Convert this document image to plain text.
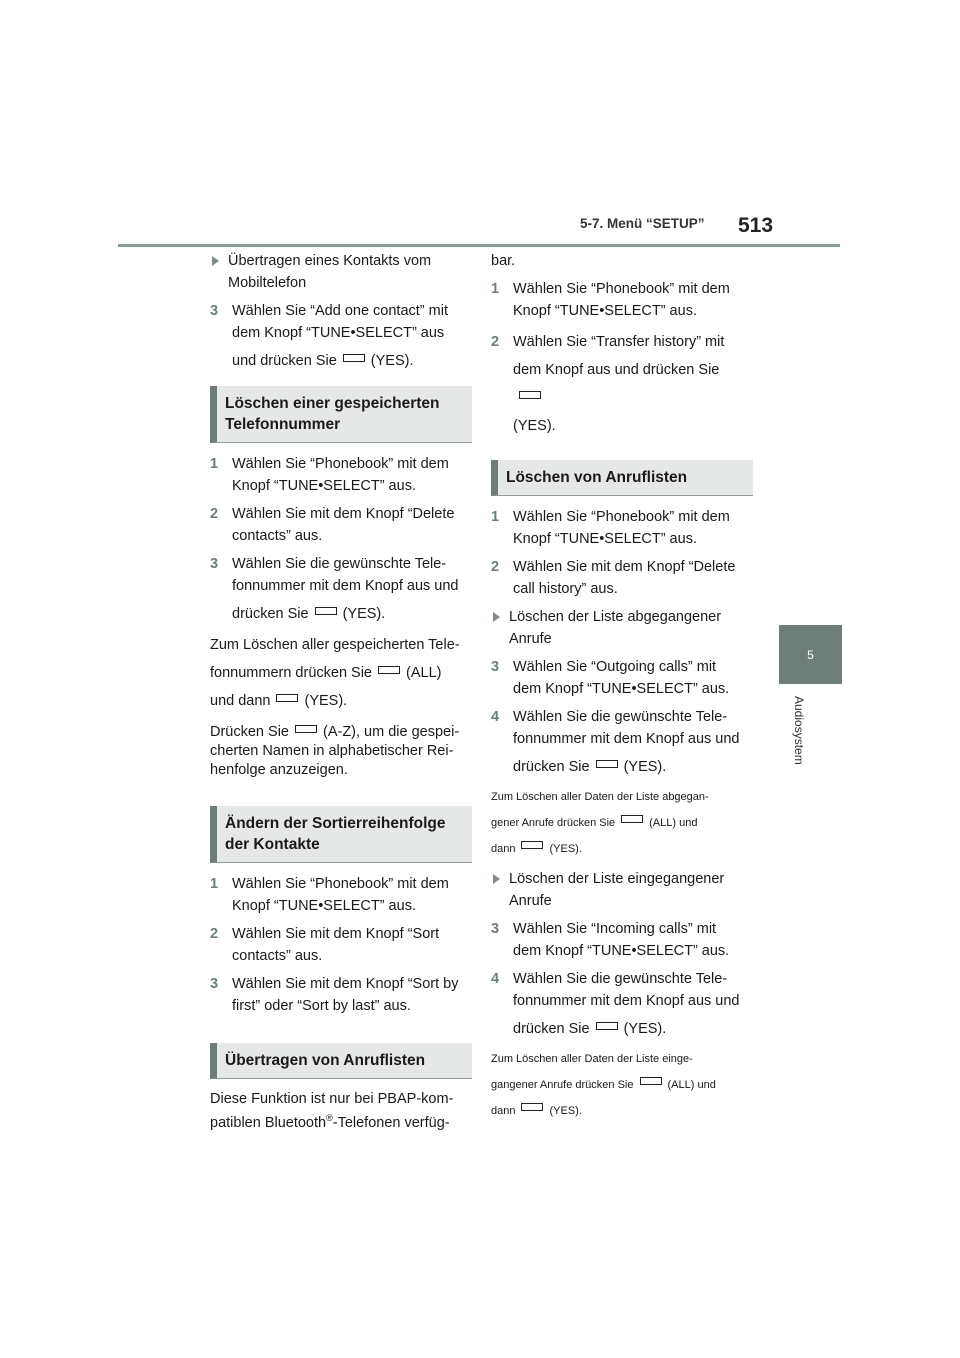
5-7. Menü “SETUP” 513
5
Audiosystem
Übertragen eines Kontakts vom
Mobiltelefon
3 Wählen Sie “Add one contact” mit
dem Knopf “TUNE•SELECT” aus
und drücken Sie (YES).
Löschen einer gespeicherten
Telefonnummer
1 Wählen Sie “Phonebook” mit dem
Knopf “TUNE•SELECT” aus.
2 Wählen Sie mit dem Knopf “Delete
contacts” aus.
3 Wählen Sie die gewünschte Tele-
fonnummer mit dem Knopf aus und
drücken Sie (YES).
Zum Löschen aller gespeicherten Tele-
fonnummern drücken Sie (ALL)
und dann (YES).
Drücken Sie (A-Z), um die gespei-
cherten Namen in alphabetischer Rei-
henfolge anzuzeigen.
Ändern der Sortierreihenfolge
der Kontakte
1 Wählen Sie “Phonebook” mit dem
Knopf “TUNE•SELECT” aus.
2 Wählen Sie mit dem Knopf “Sort
contacts” aus.
3 Wählen Sie mit dem Knopf “Sort by
first” oder “Sort by last” aus.
Übertragen von Anruflisten
Diese Funktion ist nur bei PBAP-kom-
patiblen Bluetooth®-Telefonen verfüg-
bar.
1 Wählen Sie “Phonebook” mit dem
Knopf “TUNE•SELECT” aus.
2 Wählen Sie “Transfer history” mit
dem Knopf aus und drücken Sie
(YES).
Löschen von Anruflisten
1 Wählen Sie “Phonebook” mit dem
Knopf “TUNE•SELECT” aus.
2 Wählen Sie mit dem Knopf “Delete
call history” aus.
Löschen der Liste abgegangener
Anrufe
3 Wählen Sie “Outgoing calls” mit
dem Knopf “TUNE•SELECT” aus.
4 Wählen Sie die gewünschte Tele-
fonnummer mit dem Knopf aus und
drücken Sie (YES).
Zum Löschen aller Daten der Liste abgegan-
gener Anrufe drücken Sie	(ALL) und
dann	(YES).
Löschen der Liste eingegangener
Anrufe
3 Wählen Sie “Incoming calls” mit
dem Knopf “TUNE•SELECT” aus.
4 Wählen Sie die gewünschte Tele-
fonnummer mit dem Knopf aus und
drücken Sie (YES).
Zum Löschen aller Daten der Liste einge-
gangener Anrufe drücken Sie	(ALL) und
dann	(YES).
